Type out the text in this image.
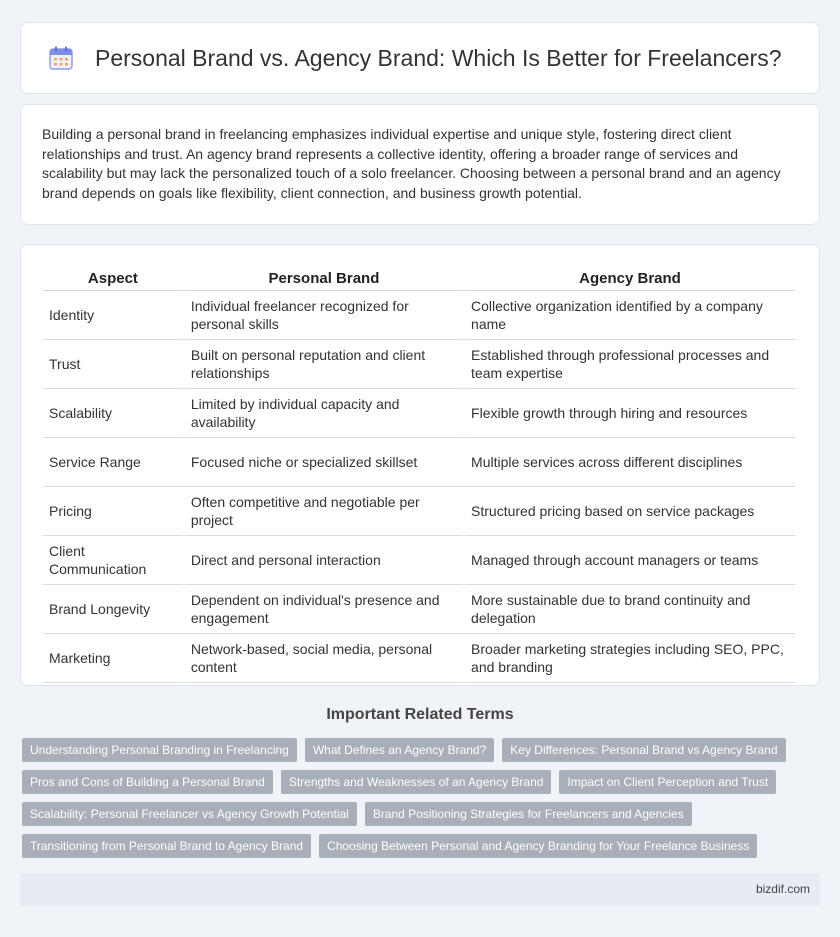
Personal Brand vs. Agency Brand: Which Is Better for Freelancers?

Building a personal brand in freelancing emphasizes individual expertise and unique style, fostering direct client relationships and trust. An agency brand represents a collective identity, offering a broader range of services and scalability but may lack the personalized touch of a solo freelancer. Choosing between a personal brand and an agency brand depends on goals like flexibility, client connection, and business growth potential.

Aspect	Personal Brand	Agency Brand
Identity	Individual freelancer recognized for personal skills	Collective organization identified by a company name
Trust	Built on personal reputation and client relationships	Established through professional processes and team expertise
Scalability	Limited by individual capacity and availability	Flexible growth through hiring and resources
Service Range	Focused niche or specialized skillset	Multiple services across different disciplines
Pricing	Often competitive and negotiable per project	Structured pricing based on service packages
Client Communication	Direct and personal interaction	Managed through account managers or teams
Brand Longevity	Dependent on individual's presence and engagement	More sustainable due to brand continuity and delegation
Marketing	Network-based, social media, personal content	Broader marketing strategies including SEO, PPC, and branding
Important Related Terms
Understanding Personal Branding in Freelancing	What Defines an Agency Brand?	Key Differences: Personal Brand vs Agency Brand
Pros and Cons of Building a Personal Brand	Strengths and Weaknesses of an Agency Brand	Impact on Client Perception and Trust
Scalability: Personal Freelancer vs Agency Growth Potential	Brand Positioning Strategies for Freelancers and Agencies
Transitioning from Personal Brand to Agency Brand	Choosing Between Personal and Agency Branding for Your Freelance Business
bizdif.com
